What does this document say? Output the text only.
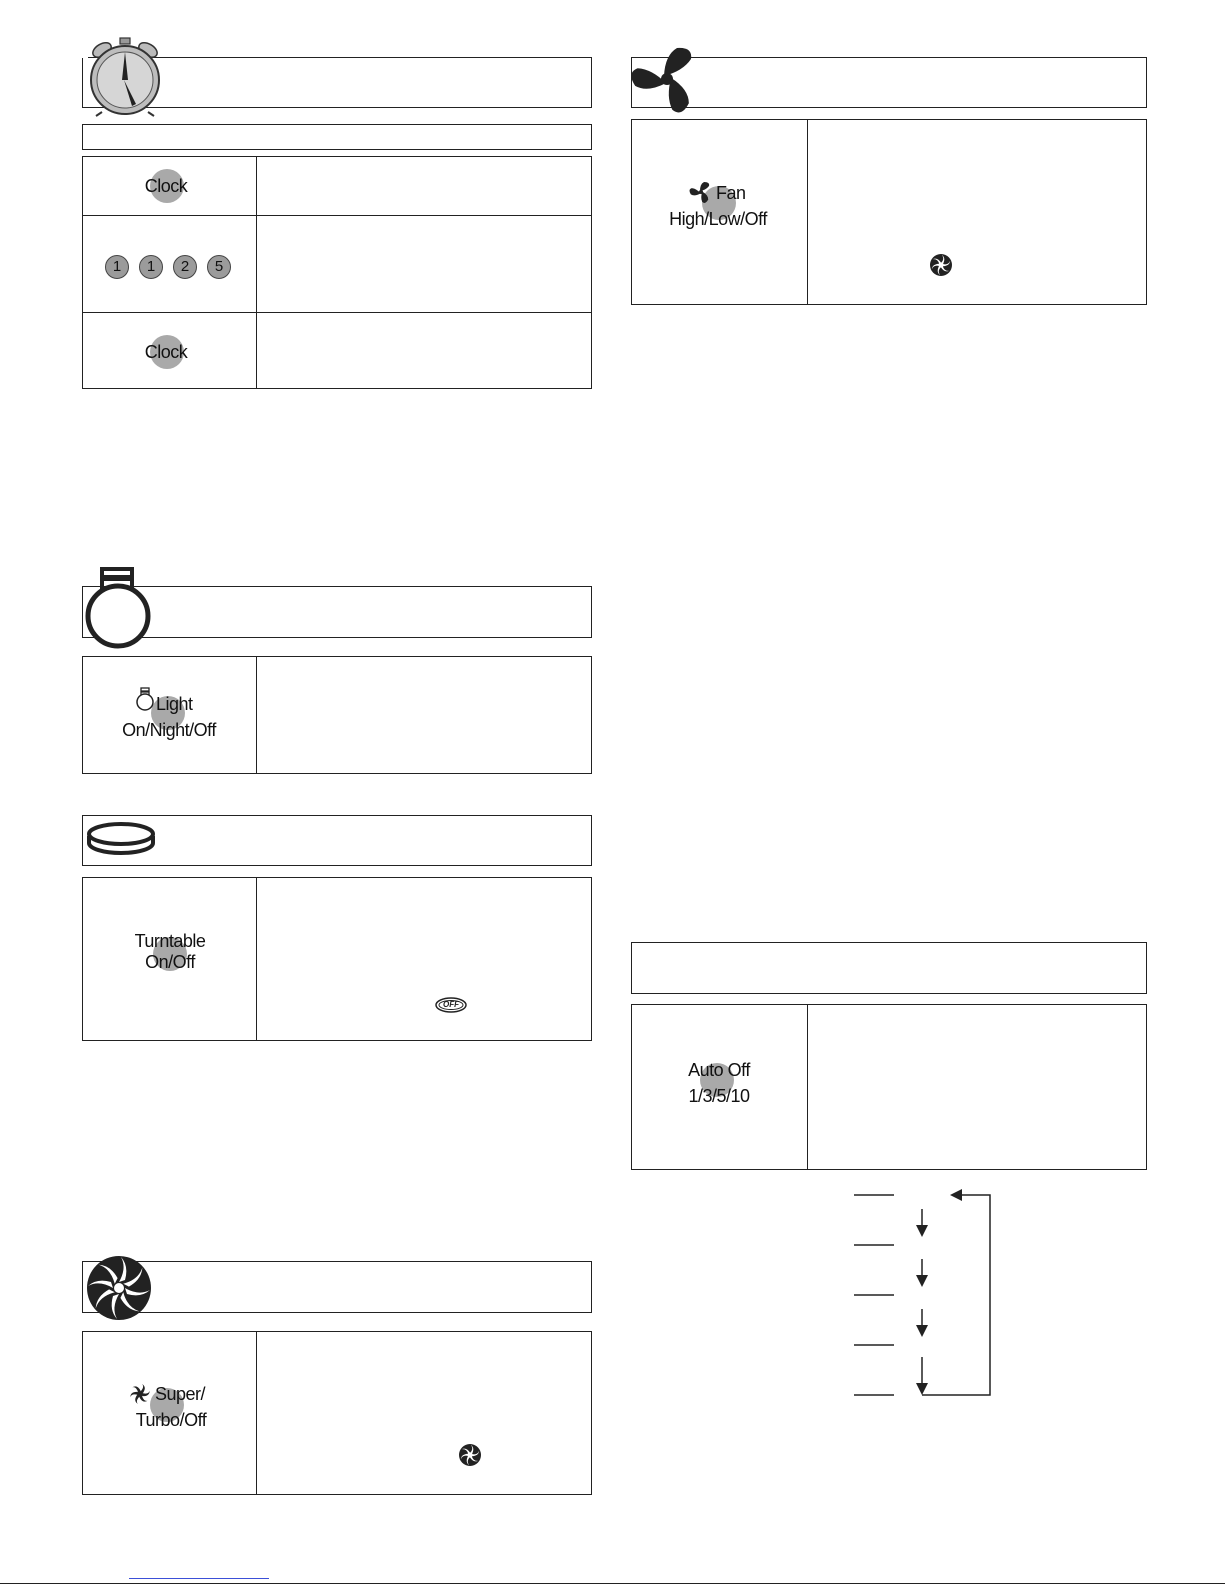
Clock
1	1	2	5
Clock
Light
On/Night/Off
Turntable
On/Off
OFF
Super/
Turbo/Off
Fan
High/Low/Off
Auto Off
1/3/5/10
